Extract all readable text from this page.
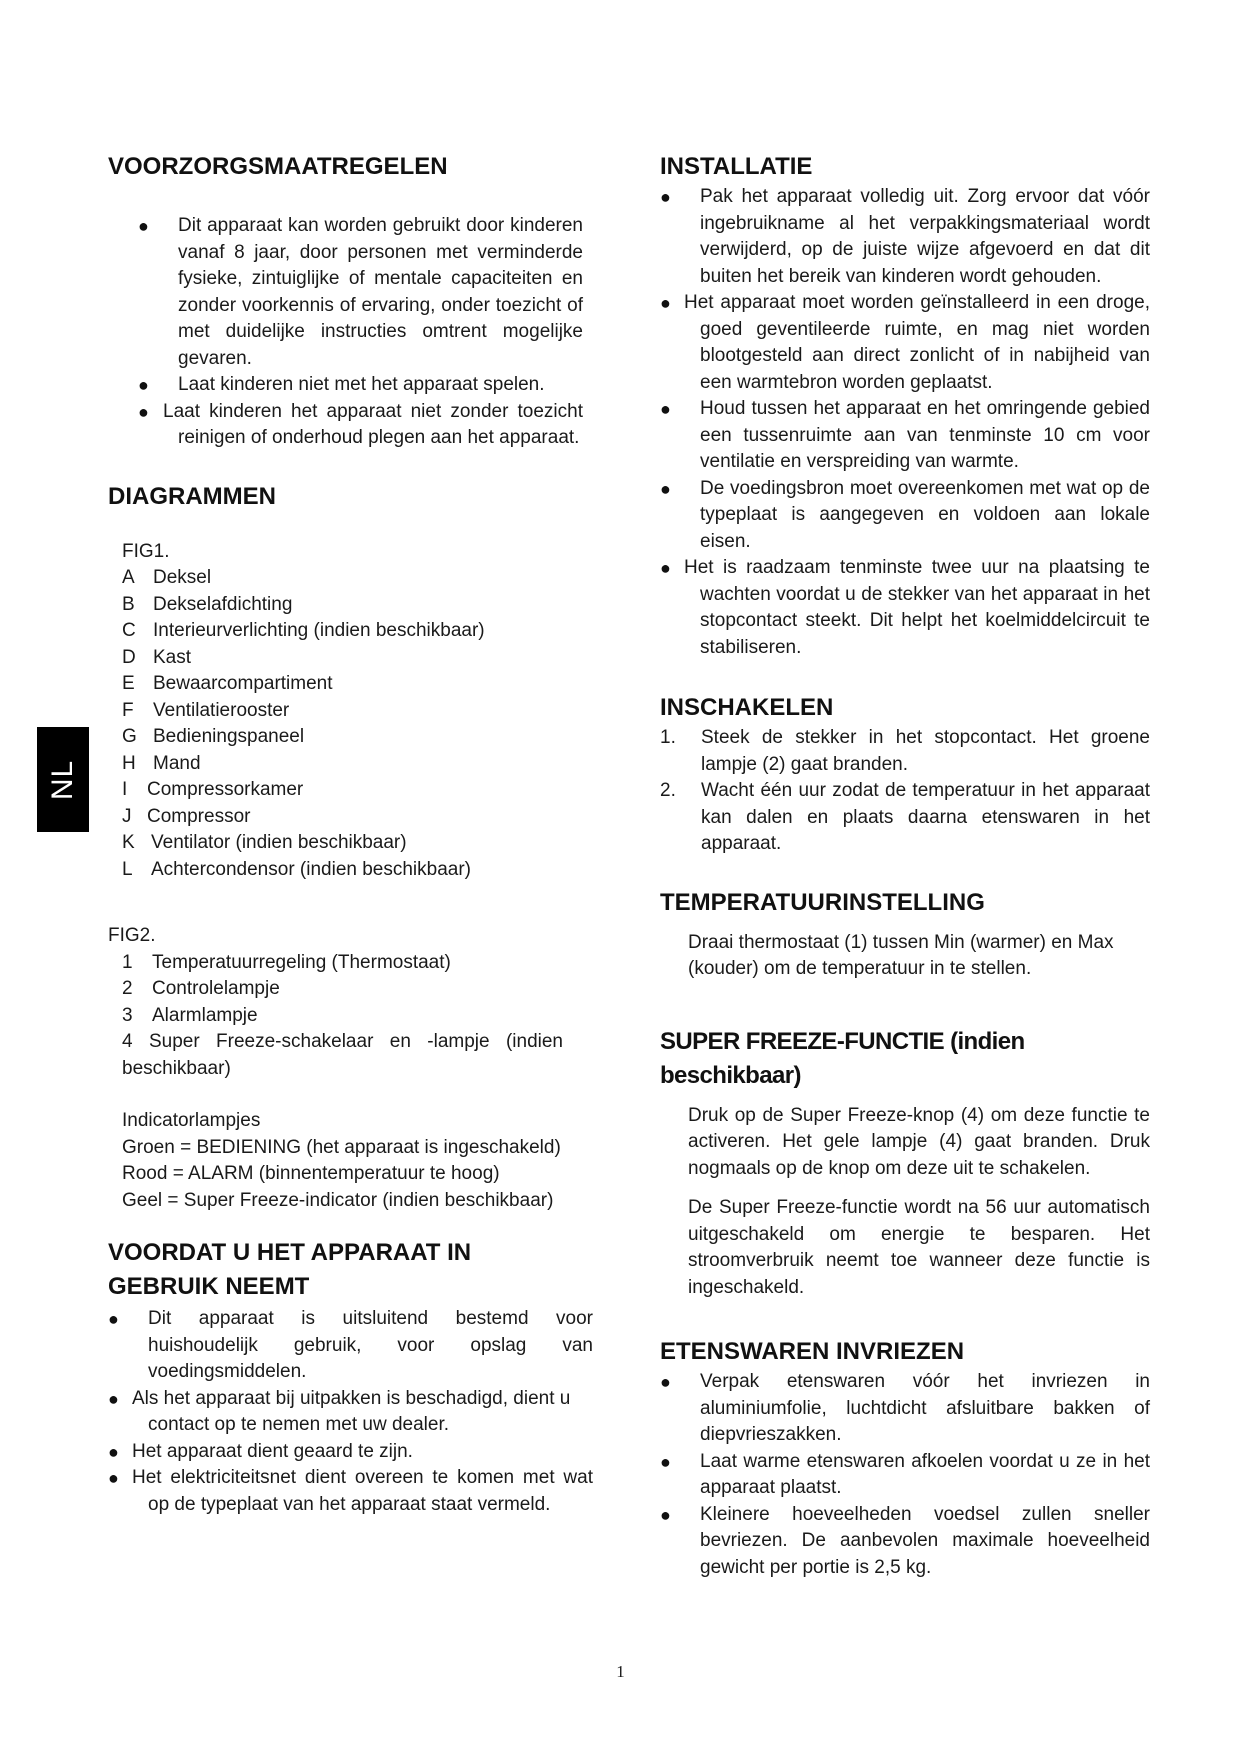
NL
VOORZORGSMAATREGELEN
● Dit apparaat kan worden gebruikt door kinderen vanaf 8 jaar, door personen met verminderde fysieke, zintuiglijke of mentale capaciteiten en zonder voorkennis of ervaring, onder toezicht of met duidelijke instructies omtrent mogelijke gevaren.
● Laat kinderen niet met het apparaat spelen.
● Laat kinderen het apparaat niet zonder toezicht reinigen of onderhoud plegen aan het apparaat.
DIAGRAMMEN
FIG1.
A Deksel
B Dekselafdichting
C Interieurverlichting (indien beschikbaar)
D Kast
E Bewaarcompartiment
F	Ventilatierooster
G Bedieningspaneel
H Mand
I	Compressorkamer
J Compressor
K Ventilator (indien beschikbaar)
L Achtercondensor (indien beschikbaar)
FIG2.
1	Temperatuurregeling (Thermostaat)
2	Controlelampje
3	Alarmlampje
4 Super Freeze-schakelaar en -lampje (indien beschikbaar)
Indicatorlampjes
Groen = BEDIENING (het apparaat is ingeschakeld)
Rood = ALARM (binnentemperatuur te hoog)
Geel = Super Freeze-indicator (indien beschikbaar)
VOORDAT U HET APPARAAT IN GEBRUIK NEEMT
● Dit apparaat is uitsluitend bestemd voor huishoudelijk gebruik, voor opslag van voedingsmiddelen.
● Als het apparaat bij uitpakken is beschadigd, dient u contact op te nemen met uw dealer.
● Het apparaat dient geaard te zijn.
● Het elektriciteitsnet dient overeen te komen met wat op de typeplaat van het apparaat staat vermeld.
INSTALLATIE
● Pak het apparaat volledig uit. Zorg ervoor dat vóór ingebruikname al het verpakkingsmateriaal wordt verwijderd, op de juiste wijze afgevoerd en dat dit buiten het bereik van kinderen wordt gehouden.
● Het apparaat moet worden geïnstalleerd in een droge, goed geventileerde ruimte, en mag niet worden blootgesteld aan direct zonlicht of in nabijheid van een warmtebron worden geplaatst.
● Houd tussen het apparaat en het omringende gebied een tussenruimte aan van tenminste 10 cm voor ventilatie en verspreiding van warmte.
● De voedingsbron moet overeenkomen met wat op de typeplaat is aangegeven en voldoen aan lokale eisen.
● Het is raadzaam tenminste twee uur na plaatsing te wachten voordat u de stekker van het apparaat in het stopcontact steekt. Dit helpt het koelmiddelcircuit te stabiliseren.
INSCHAKELEN
1.	Steek de stekker in het stopcontact. Het groene lampje (2) gaat branden.
2.	Wacht één uur zodat de temperatuur in het apparaat kan dalen en plaats daarna etenswaren in het apparaat.
TEMPERATUURINSTELLING

Draai thermostaat (1) tussen Min (warmer) en Max (kouder) om de temperatuur in te stellen.

SUPER FREEZE-FUNCTIE (indien beschikbaar)

Druk op de Super Freeze-knop (4) om deze functie te activeren. Het gele lampje (4) gaat branden. Druk nogmaals op de knop om deze uit te schakelen.

De Super Freeze-functie wordt na 56 uur automatisch uitgeschakeld om energie te besparen. Het stroomverbruik neemt toe wanneer deze functie is ingeschakeld.

ETENSWAREN INVRIEZEN
● Verpak etenswaren vóór het invriezen in aluminiumfolie, luchtdicht afsluitbare bakken of diepvrieszakken.
● Laat warme etenswaren afkoelen voordat u ze in het apparaat plaatst.
● Kleinere hoeveelheden voedsel zullen sneller bevriezen. De aanbevolen maximale hoeveelheid gewicht per portie is 2,5 kg.
1
